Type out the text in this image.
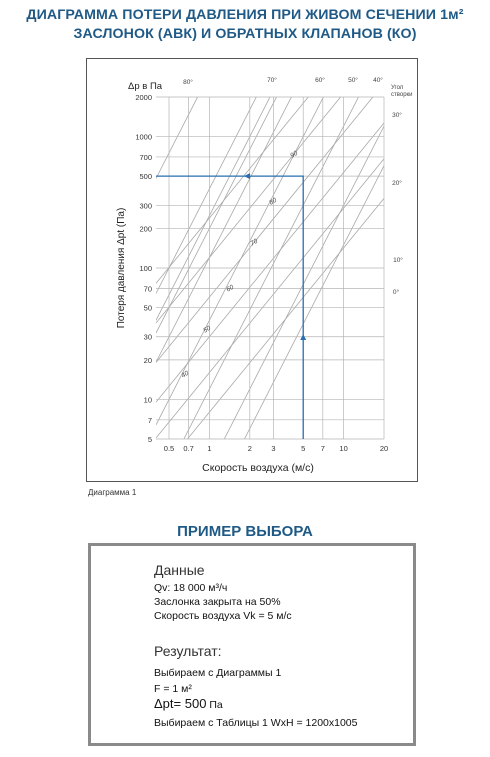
ДИАГРАММА ПОТЕРИ ДАВЛЕНИЯ ПРИ ЖИВОМ СЕЧЕНИИ 1м²
ЗАСЛОНОК (АВК) И ОБРАТНЫХ КЛАПАНОВ (КО)
0.5 0.7 1	2	3	5 7 10	20
5
7
10
20
30
50
70
100
200
300
500
700
1000
2000
0°
10°
20°
30°
40°
50°
60°
70°
80°
Угол
створки
40
50
60
70
80
90
Δp в Па
Скорость воздуха (м/с)
Потеря давления Δpt (Па)
Диаграмма 1
ПРИМЕР ВЫБОРА
Данные
Qv: 18 000 м³/ч
Заслонка закрыта на 50%
Скорость воздуха Vk = 5 м/с
Результат:
Выбираем с Диаграммы 1
F = 1 м²
Δpt= 500 Па
Выбираем с Таблицы 1 WxH = 1200x1005
